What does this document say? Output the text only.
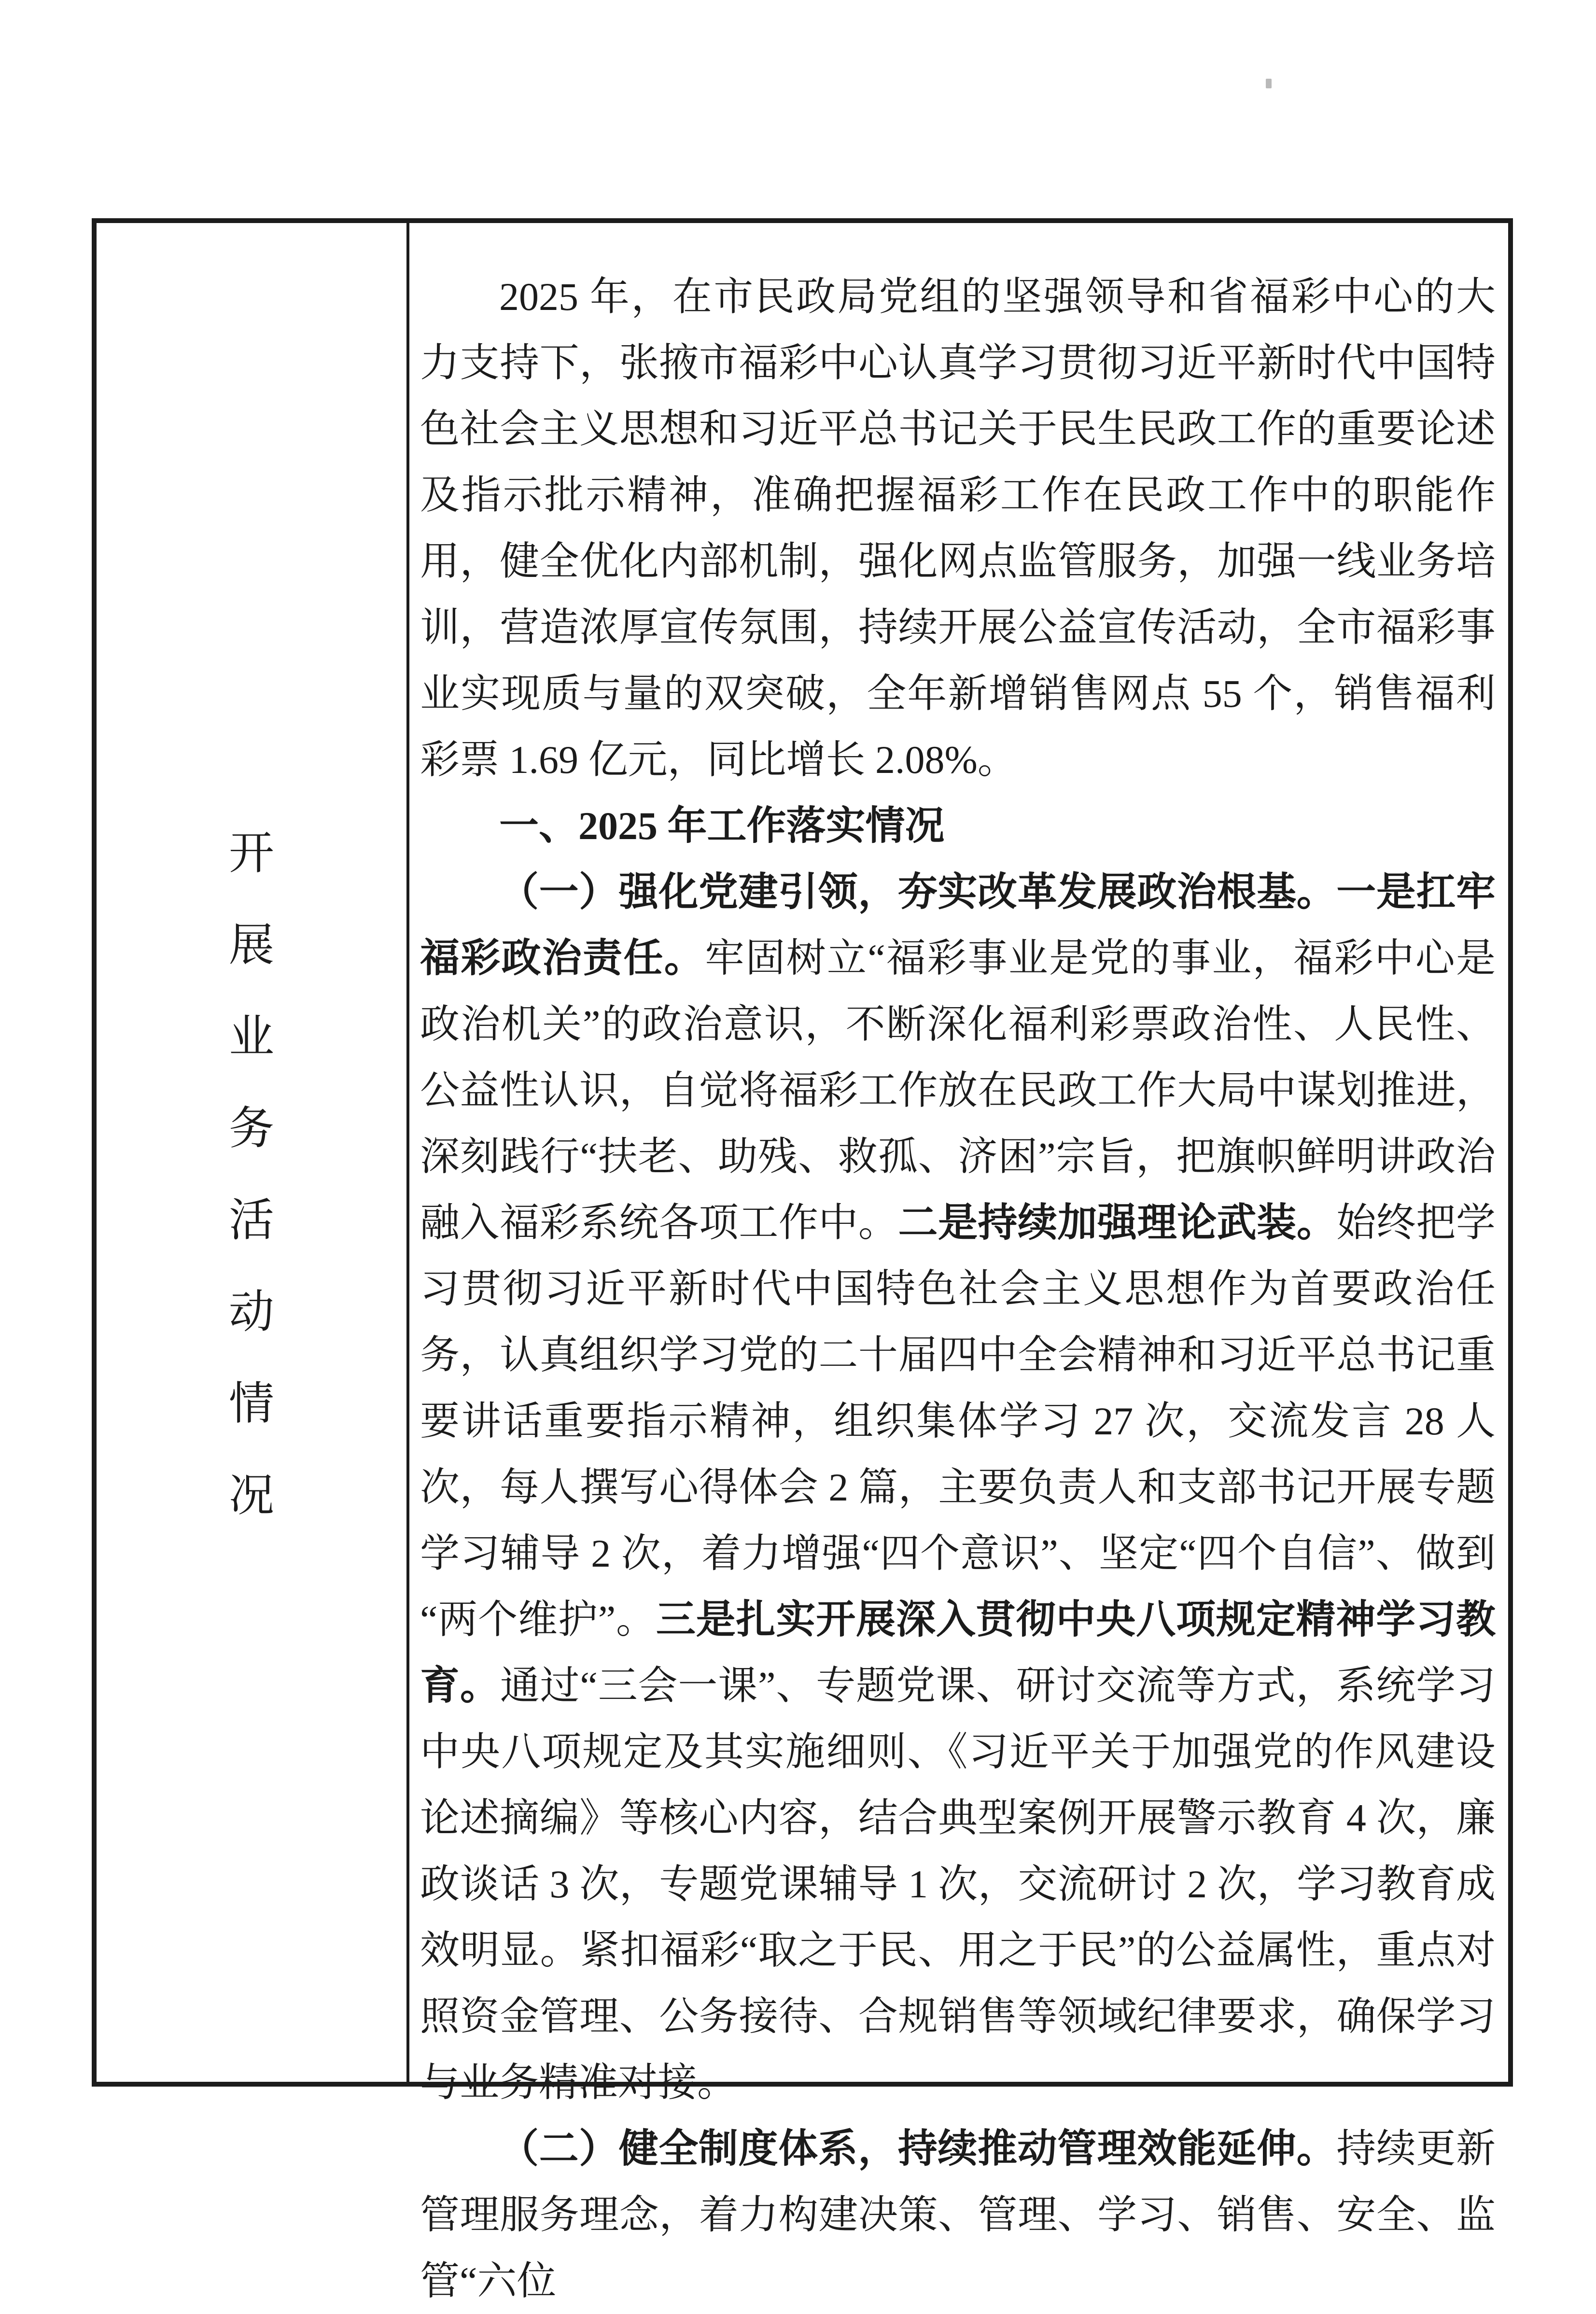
开
展
业
务
活
动
情
况

2025 年，在市民政局党组的坚强领导和省福彩中心的大力支持下，张掖市福彩中心认真学习贯彻习近平新时代中国特色社会主义思想和习近平总书记关于民生民政工作的重要论述及指示批示精神，准确把握福彩工作在民政工作中的职能作用，健全优化内部机制，强化网点监管服务，加强一线业务培训，营造浓厚宣传氛围，持续开展公益宣传活动，全市福彩事业实现质与量的双突破，全年新增销售网点 55 个，销售福利彩票 1.69 亿元，同比增长 2.08%。

一、2025 年工作落实情况

（一）强化党建引领，夯实改革发展政治根基。一是扛牢福彩政治责任。牢固树立“福彩事业是党的事业，福彩中心是政治机关”的政治意识，不断深化福利彩票政治性、人民性、公益性认识，自觉将福彩工作放在民政工作大局中谋划推进，深刻践行“扶老、助残、救孤、济困”宗旨，把旗帜鲜明讲政治融入福彩系统各项工作中。二是持续加强理论武装。始终把学习贯彻习近平新时代中国特色社会主义思想作为首要政治任务，认真组织学习党的二十届四中全会精神和习近平总书记重要讲话重要指示精神，组织集体学习 27 次，交流发言 28 人次，每人撰写心得体会 2 篇，主要负责人和支部书记开展专题学习辅导 2 次，着力增强“四个意识”、坚定“四个自信”、做到“两个维护”。三是扎实开展深入贯彻中央八项规定精神学习教育。通过“三会一课”、专题党课、研讨交流等方式，系统学习中央八项规定及其实施细则、《习近平关于加强党的作风建设论述摘编》等核心内容，结合典型案例开展警示教育 4 次，廉政谈话 3 次，专题党课辅导 1 次，交流研讨 2 次，学习教育成效明显。紧扣福彩“取之于民、用之于民”的公益属性，重点对照资金管理、公务接待、合规销售等领域纪律要求，确保学习与业务精准对接。

（二）健全制度体系，持续推动管理效能延伸。持续更新管理服务理念，着力构建决策、管理、学习、销售、安全、监管“六位
